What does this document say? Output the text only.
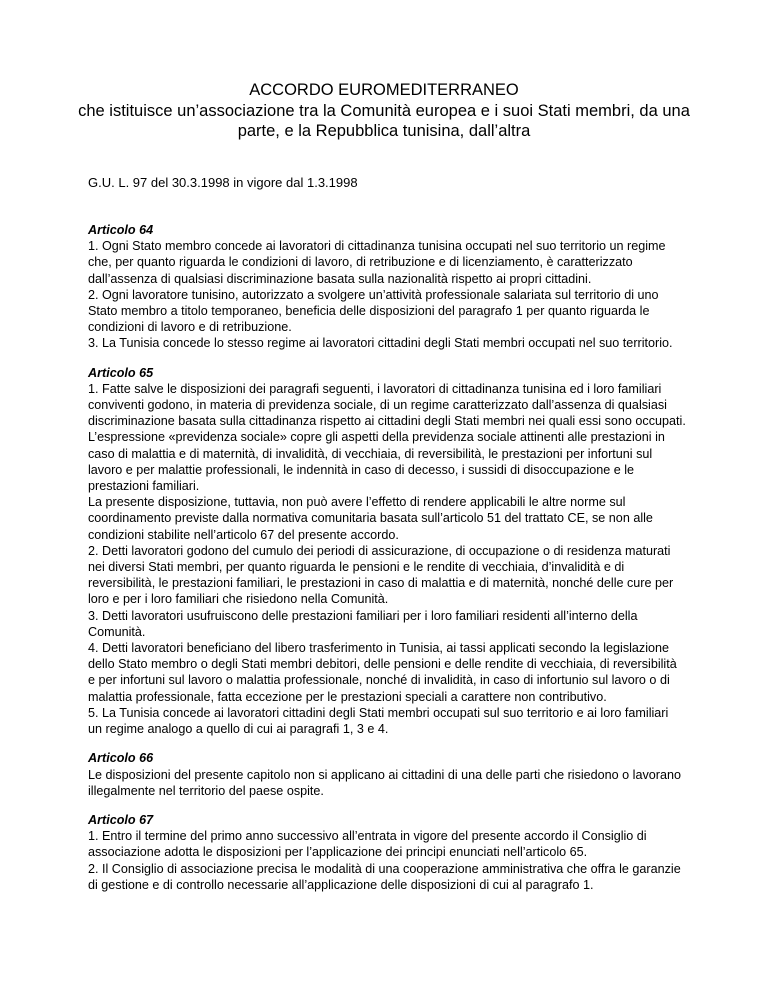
ACCORDO EUROMEDITERRANEO
che istituisce un’associazione tra la Comunità europea e i suoi Stati membri, da una
parte, e la Repubblica tunisina, dall’altra
G.U. L. 97 del 30.3.1998 in vigore dal 1.3.1998
Articolo 64
1. Ogni Stato membro concede ai lavoratori di cittadinanza tunisina occupati nel suo territorio un regime
che, per quanto riguarda le condizioni di lavoro, di retribuzione e di licenziamento, è caratterizzato
dall’assenza di qualsiasi discriminazione basata sulla nazionalità rispetto ai propri cittadini.
2. Ogni lavoratore tunisino, autorizzato a svolgere un’attività professionale salariata sul territorio di uno
Stato membro a titolo temporaneo, beneficia delle disposizioni del paragrafo 1 per quanto riguarda le
condizioni di lavoro e di retribuzione.
3. La Tunisia concede lo stesso regime ai lavoratori cittadini degli Stati membri occupati nel suo territorio.
Articolo 65
1. Fatte salve le disposizioni dei paragrafi seguenti, i lavoratori di cittadinanza tunisina ed i loro familiari
conviventi godono, in materia di previdenza sociale, di un regime caratterizzato dall’assenza di qualsiasi
discriminazione basata sulla cittadinanza rispetto ai cittadini degli Stati membri nei quali essi sono occupati.
L’espressione «previdenza sociale» copre gli aspetti della previdenza sociale attinenti alle prestazioni in
caso di malattia e di maternità, di invalidità, di vecchiaia, di reversibilità, le prestazioni per infortuni sul
lavoro e per malattie professionali, le indennità in caso di decesso, i sussidi di disoccupazione e le
prestazioni familiari.
La presente disposizione, tuttavia, non può avere l’effetto di rendere applicabili le altre norme sul
coordinamento previste dalla normativa comunitaria basata sull’articolo 51 del trattato CE, se non alle
condizioni stabilite nell’articolo 67 del presente accordo.
2. Detti lavoratori godono del cumulo dei periodi di assicurazione, di occupazione o di residenza maturati
nei diversi Stati membri, per quanto riguarda le pensioni e le rendite di vecchiaia, d’invalidità e di
reversibilità, le prestazioni familiari, le prestazioni in caso di malattia e di maternità, nonché delle cure per
loro e per i loro familiari che risiedono nella Comunità.
3. Detti lavoratori usufruiscono delle prestazioni familiari per i loro familiari residenti all’interno della
Comunità.
4. Detti lavoratori beneficiano del libero trasferimento in Tunisia, ai tassi applicati secondo la legislazione
dello Stato membro o degli Stati membri debitori, delle pensioni e delle rendite di vecchiaia, di reversibilità
e per infortuni sul lavoro o malattia professionale, nonché di invalidità, in caso di infortunio sul lavoro o di
malattia professionale, fatta eccezione per le prestazioni speciali a carattere non contributivo.
5. La Tunisia concede ai lavoratori cittadini degli Stati membri occupati sul suo territorio e ai loro familiari
un regime analogo a quello di cui ai paragrafi 1, 3 e 4.
Articolo 66
Le disposizioni del presente capitolo non si applicano ai cittadini di una delle parti che risiedono o lavorano
illegalmente nel territorio del paese ospite.
Articolo 67
1. Entro il termine del primo anno successivo all’entrata in vigore del presente accordo il Consiglio di
associazione adotta le disposizioni per l’applicazione dei principi enunciati nell’articolo 65.
2. Il Consiglio di associazione precisa le modalità di una cooperazione amministrativa che offra le garanzie
di gestione e di controllo necessarie all’applicazione delle disposizioni di cui al paragrafo 1.
